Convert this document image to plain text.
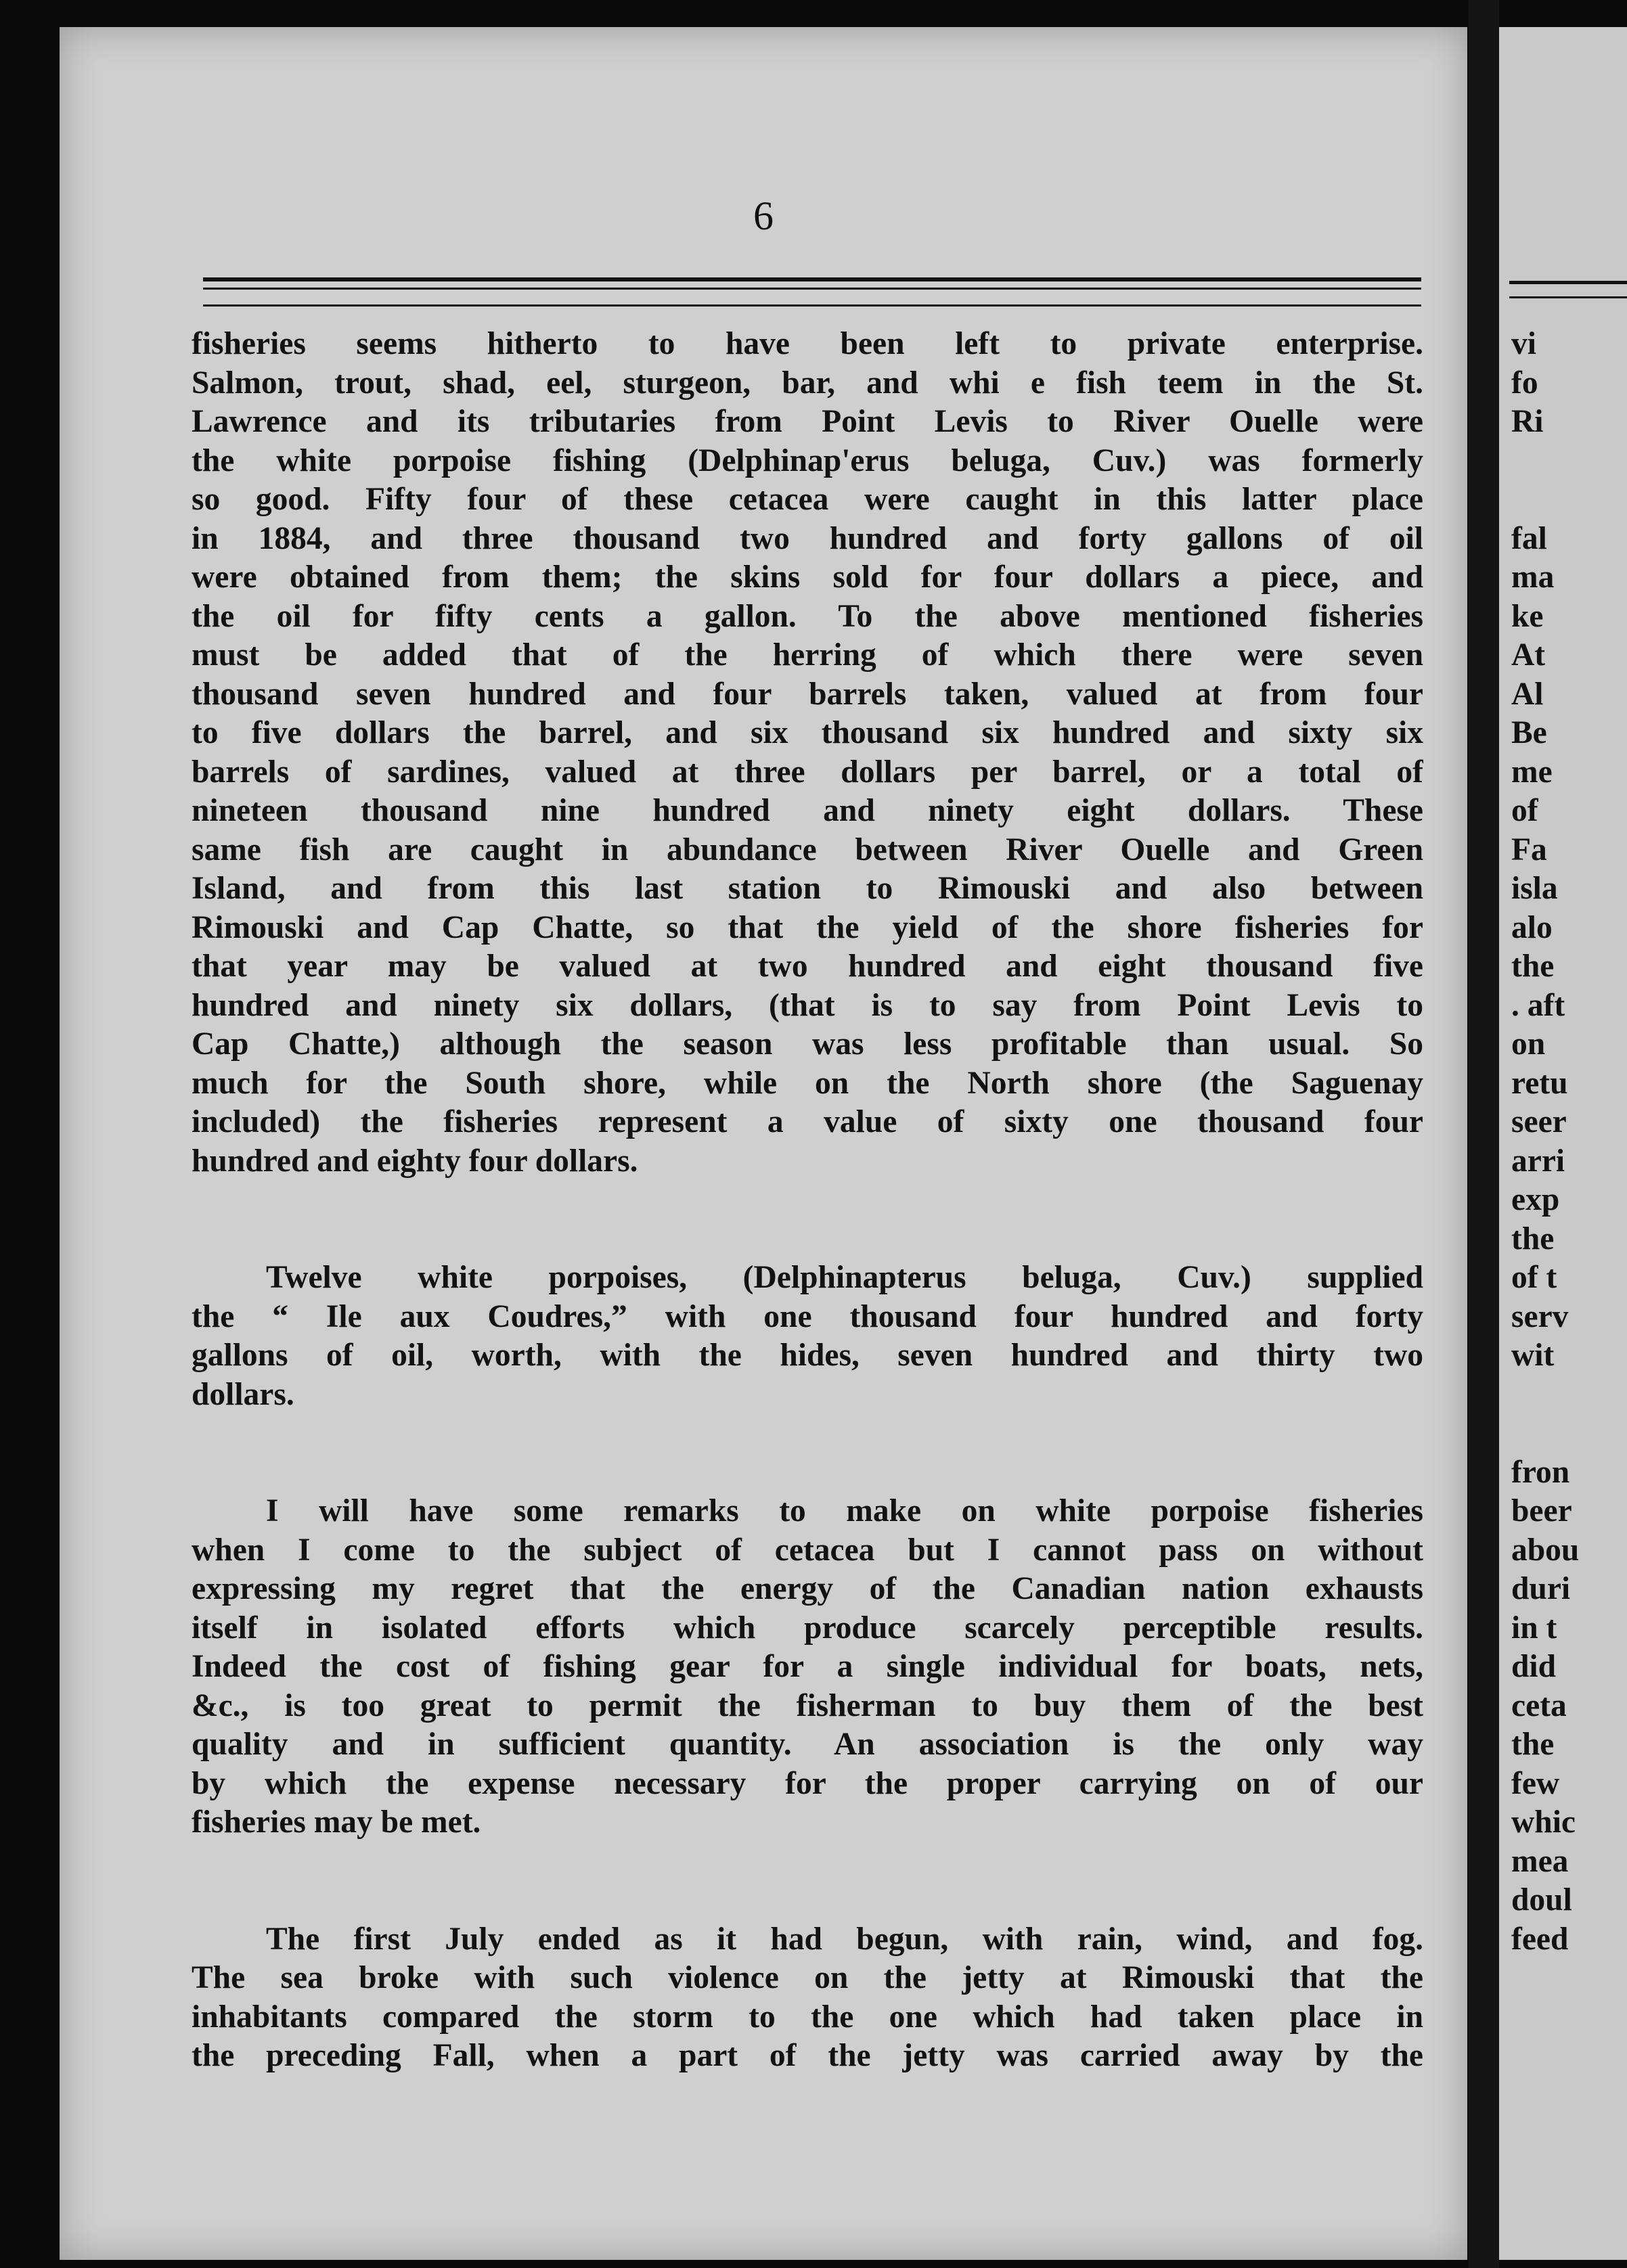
6
fisheries seems hitherto to have been left to private enterprise.
Salmon, trout, shad, eel, sturgeon, bar, and whi e fish teem in the St.
Lawrence and its tributaries from Point Levis to River Ouelle were
the white porpoise fishing (Delphinap'erus beluga, Cuv.) was formerly
so good. Fifty four of these cetacea were caught in this latter place
in 1884, and three thousand two hundred and forty gallons of oil
were obtained from them; the skins sold for four dollars a piece, and
the oil for fifty cents a gallon. To the above mentioned fisheries
must be added that of the herring of which there were seven
thousand seven hundred and four barrels taken, valued at from four
to five dollars the barrel, and six thousand six hundred and sixty six
barrels of sardines, valued at three dollars per barrel, or a total of
nineteen thousand nine hundred and ninety eight dollars. These
same fish are caught in abundance between River Ouelle and Green
Island, and from this last station to Rimouski and also between
Rimouski and Cap Chatte, so that the yield of the shore fisheries for
that year may be valued at two hundred and eight thousand five
hundred and ninety six dollars, (that is to say from Point Levis to
Cap Chatte,) although the season was less profitable than usual. So
much for the South shore, while on the North shore (the Saguenay
included) the fisheries represent a value of sixty one thousand four
hundred and eighty four dollars.
Twelve white porpoises, (Delphinapterus beluga, Cuv.) supplied
the “ Ile aux Coudres,” with one thousand four hundred and forty
gallons of oil, worth, with the hides, seven hundred and thirty two
dollars.
I will have some remarks to make on white porpoise fisheries
when I come to the subject of cetacea but I cannot pass on without
expressing my regret that the energy of the Canadian nation exhausts
itself in isolated efforts which produce scarcely perceptible results.
Indeed the cost of fishing gear for a single individual for boats, nets,
&c., is too great to permit the fisherman to buy them of the best
quality and in sufficient quantity. An association is the only way
by which the expense necessary for the proper carrying on of our
fisheries may be met.
The first July ended as it had begun, with rain, wind, and fog.
The sea broke with such violence on the jetty at Rimouski that the
inhabitants compared the storm to the one which had taken place in
the preceding Fall, when a part of the jetty was carried away by the
vi
fo
Ri
fal
ma
ke
At
Al
Be
me
of
Fa
isla
alo
the
. aft
on
retu
seer
arri
exp
the
of t
serv
wit
fron
beer
abou
duri
in t
did
ceta
the
few
whic
mea
doul
feed
